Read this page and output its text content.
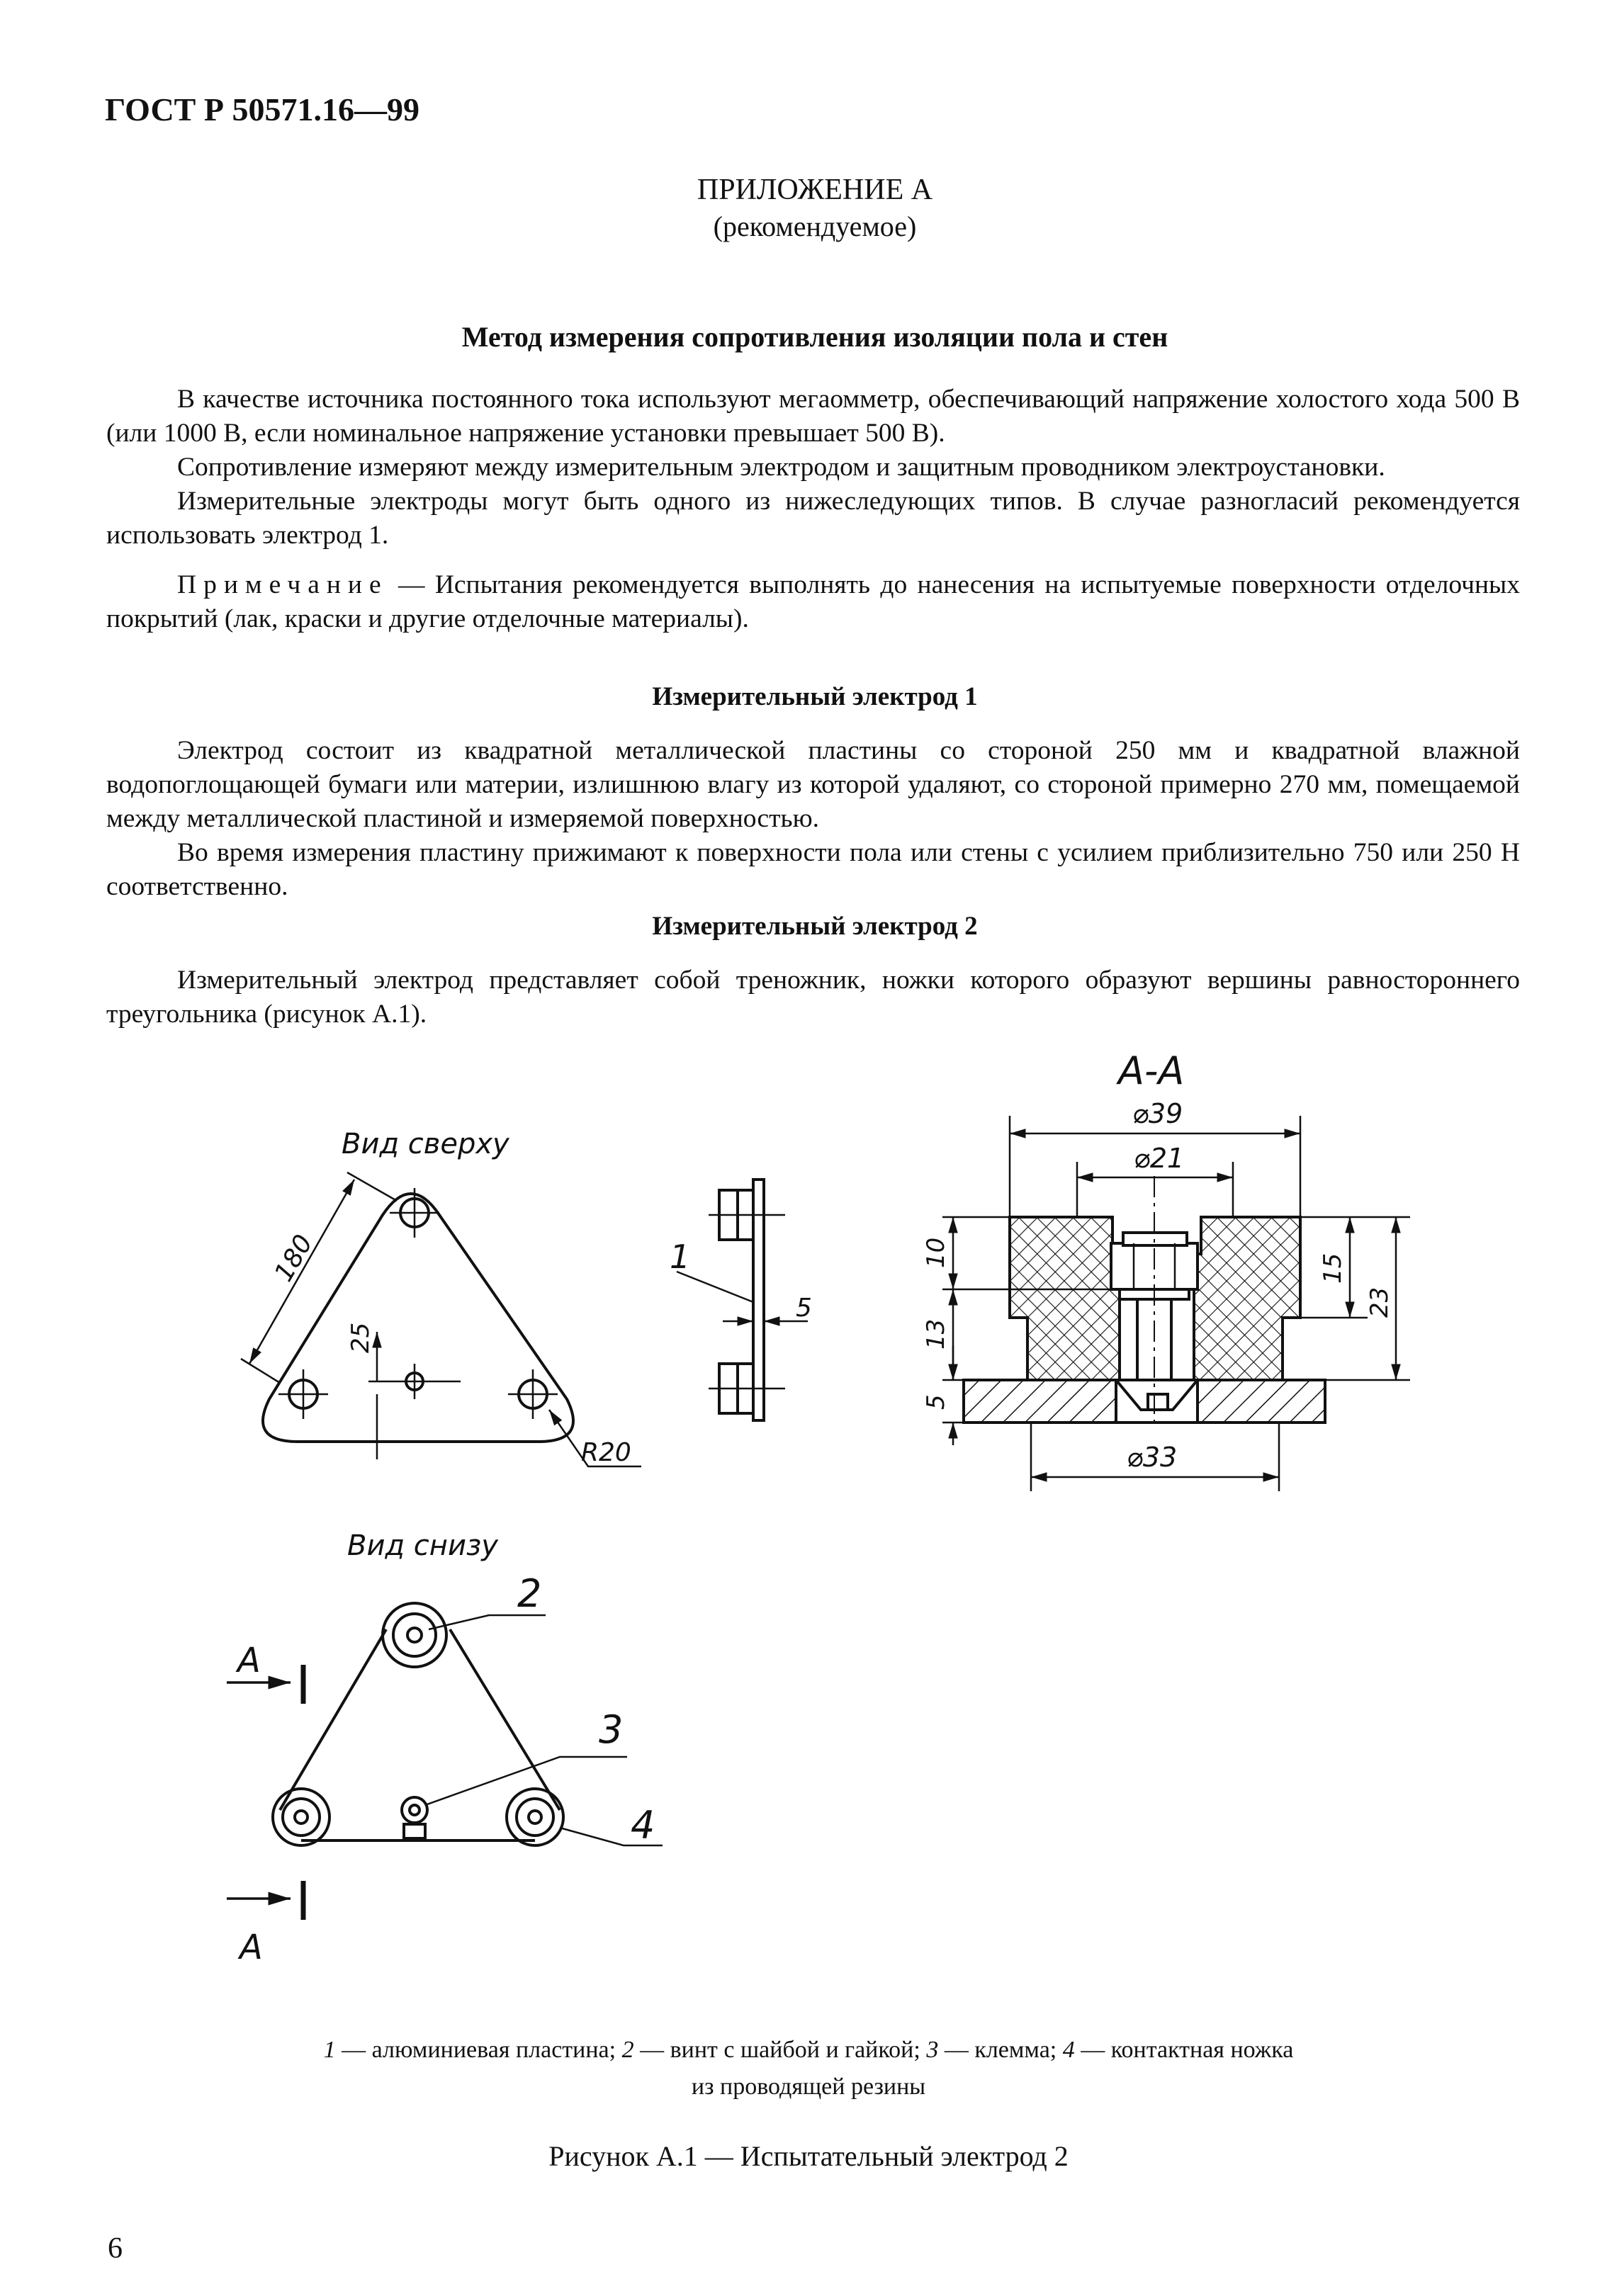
ГОСТ Р 50571.16—99
ПРИЛОЖЕНИЕ А
(рекомендуемое)
Метод измерения сопротивления изоляции пола и стен

В качестве источника постоянного тока используют мегаомметр, обеспечивающий напряжение холостого хода 500 В (или 1000 В, если номинальное напряжение установки превышает 500 В).

Сопротивление измеряют между измерительным электродом и защитным проводником электроустановки.

Измерительные электроды могут быть одного из нижеследующих типов. В случае разногласий рекомендуется использовать электрод 1.

Примечание — Испытания рекомендуется выполнять до нанесения на испытуемые поверхности отделочных покрытий (лак, краски и другие отделочные материалы).

Измерительный электрод 1

Электрод состоит из квадратной металлической пластины со стороной 250 мм и квадратной влажной водопоглощающей бумаги или материи, излишнюю влагу из которой удаляют, со стороной примерно 270 мм, помещаемой между металлической пластиной и измеряемой поверхностью.

Во время измерения пластину прижимают к поверхности пола или стены с усилием приблизительно 750 или 250 Н соответственно.

Измерительный электрод 2

Измерительный электрод представляет собой треножник, ножки которого образуют вершины равностороннего треугольника (рисунок А.1).

Вид сверху
180
25
R20
1
5
А-А
⌀39
⌀21
⌀33
10
13
5
15
23
Вид снизу
2
3
4
А
А
1 — алюминиевая пластина; 2 — винт с шайбой и гайкой; 3 — клемма; 4 — контактная ножка
из проводящей резины
Рисунок А.1 — Испытательный электрод 2
6
